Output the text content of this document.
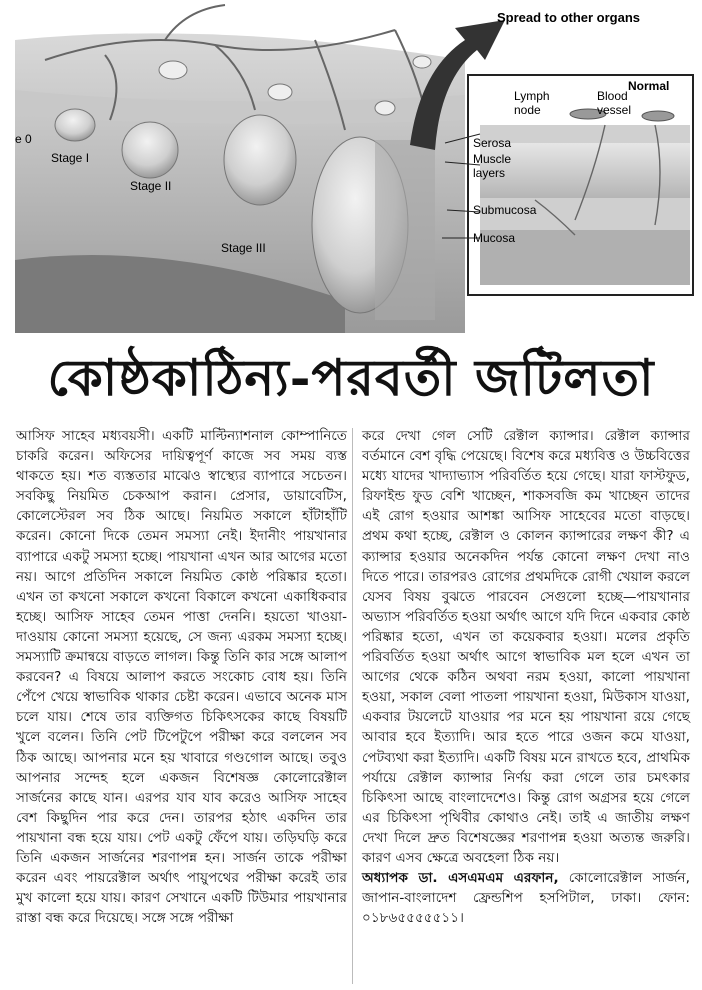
Spread to other organs
e 0
Stage I
Stage II
Stage III
Normal
Lymph
node
Blood
vessel
Serosa
Muscle
layers
Submucosa
Mucosa
কোষ্ঠকাঠিন্য-পরবর্তী জটিলতা

আসিফ সাহেব মধ্যবয়সী। একটি মাল্টিন্যাশনাল কোম্পানিতে চাকরি করেন। অফিসের দায়িত্বপূর্ণ কাজে সব সময় ব্যস্ত থাকতে হয়। শত ব্যস্ততার মাঝেও স্বাস্থ্যের ব্যাপারে সচেতন। সবকিছু নিয়মিত চেকআপ করান। প্রেসার, ডায়াবেটিস, কোলেস্টেরল সব ঠিক আছে। নিয়মিত সকালে হাঁটাহাঁটি করেন। কোনো দিকে তেমন সমস্যা নেই। ইদানীং পায়খানার ব্যাপারে একটু সমস্যা হচ্ছে। পায়খানা এখন আর আগের মতো নয়। আগে প্রতিদিন সকালে নিয়মিত কোষ্ঠ পরিষ্কার হতো। এখন তা কখনো সকালে কখনো বিকালে কখনো একাধিকবার হচ্ছে। আসিফ সাহেব তেমন পাত্তা দেননি। হয়তো খাওয়া-দাওয়ায় কোনো সমস্যা হয়েছে, সে জন্য এরকম সমস্যা হচ্ছে। সমস্যাটি ক্রমান্বয়ে বাড়তে লাগল। কিন্তু তিনি কার সঙ্গে আলাপ করবেন? এ বিষয়ে আলাপ করতে সংকোচ বোধ হয়। তিনি পেঁপে খেয়ে স্বাভাবিক থাকার চেষ্টা করেন। এভাবে অনেক মাস চলে যায়। শেষে তার ব্যক্তিগত চিকিৎসকের কাছে বিষয়টি খুলে বলেন। তিনি পেট টিপেটুপে পরীক্ষা করে বললেন সব ঠিক আছে। আপনার মনে হয় খাবারে গণ্ডগোল আছে। তবুও আপনার সন্দেহ হলে একজন বিশেষজ্ঞ কোলোরেক্টাল সার্জনের কাছে যান। এরপর যাব যাব করেও আসিফ সাহেব বেশ কিছুদিন পার করে দেন। তারপর হঠাৎ একদিন তার পায়খানা বন্ধ হয়ে যায়। পেট একটু ফেঁপে যায়। তড়িঘড়ি করে তিনি একজন সার্জনের শরণাপন্ন হন। সার্জন তাকে পরীক্ষা করেন এবং পায়রেক্টাল অর্থাৎ পায়ুপথের পরীক্ষা করেই তার মুখ কালো হয়ে যায়। কারণ সেখানে একটি টিউমার পায়খানার রাস্তা বন্ধ করে দিয়েছে। সঙ্গে সঙ্গে পরীক্ষা

করে দেখা গেল সেটি রেক্টাল ক্যান্সার। রেক্টাল ক্যান্সার বর্তমানে বেশ বৃদ্ধি পেয়েছে। বিশেষ করে মধ্যবিত্ত ও উচ্চবিত্তের মধ্যে যাদের খাদ্যাভ্যাস পরিবর্তিত হয়ে গেছে। যারা ফাস্টফুড, রিফাইন্ড ফুড বেশি খাচ্ছেন, শাকসবজি কম খাচ্ছেন তাদের এই রোগ হওয়ার আশঙ্কা আসিফ সাহেবের মতো বাড়ছে। প্রথম কথা হচ্ছে, রেক্টাল ও কোলন ক্যান্সারের লক্ষণ কী? এ ক্যান্সার হওয়ার অনেকদিন পর্যন্ত কোনো লক্ষণ দেখা নাও দিতে পারে। তারপরও রোগের প্রথমদিকে রোগী খেয়াল করলে যেসব বিষয় বুঝতে পারবেন সেগুলো হচ্ছে—পায়খানার অভ্যাস পরিবর্তিত হওয়া অর্থাৎ আগে যদি দিনে একবার কোষ্ঠ পরিষ্কার হতো, এখন তা কয়েকবার হওয়া। মলের প্রকৃতি পরিবর্তিত হওয়া অর্থাৎ আগে স্বাভাবিক মল হলে এখন তা আগের থেকে কঠিন অথবা নরম হওয়া, কালো পায়খানা হওয়া, সকাল বেলা পাতলা পায়খানা হওয়া, মিউকাস যাওয়া, একবার টয়লেটে যাওয়ার পর মনে হয় পায়খানা রয়ে গেছে আবার হবে ইত্যাদি। আর হতে পারে ওজন কমে যাওয়া, পেটব্যথা করা ইত্যাদি। একটি বিষয় মনে রাখতে হবে, প্রাথমিক পর্যায়ে রেক্টাল ক্যান্সার নির্ণয় করা গেলে তার চমৎকার চিকিৎসা আছে বাংলাদেশেও। কিন্তু রোগ অগ্রসর হয়ে গেলে এর চিকিৎসা পৃথিবীর কোথাও নেই। তাই এ জাতীয় লক্ষণ দেখা দিলে দ্রুত বিশেষজ্ঞের শরণাপন্ন হওয়া অত্যন্ত জরুরি। কারণ এসব ক্ষেত্রে অবহেলা ঠিক নয়।

অধ্যাপক ডা. এসএমএম এরফান, কোলোরেক্টাল সার্জন, জাপান-বাংলাদেশ ফ্রেন্ডশিপ হসপিটাল, ঢাকা। ফোন: ০১৮৬৫৫৫৫৫১১।
